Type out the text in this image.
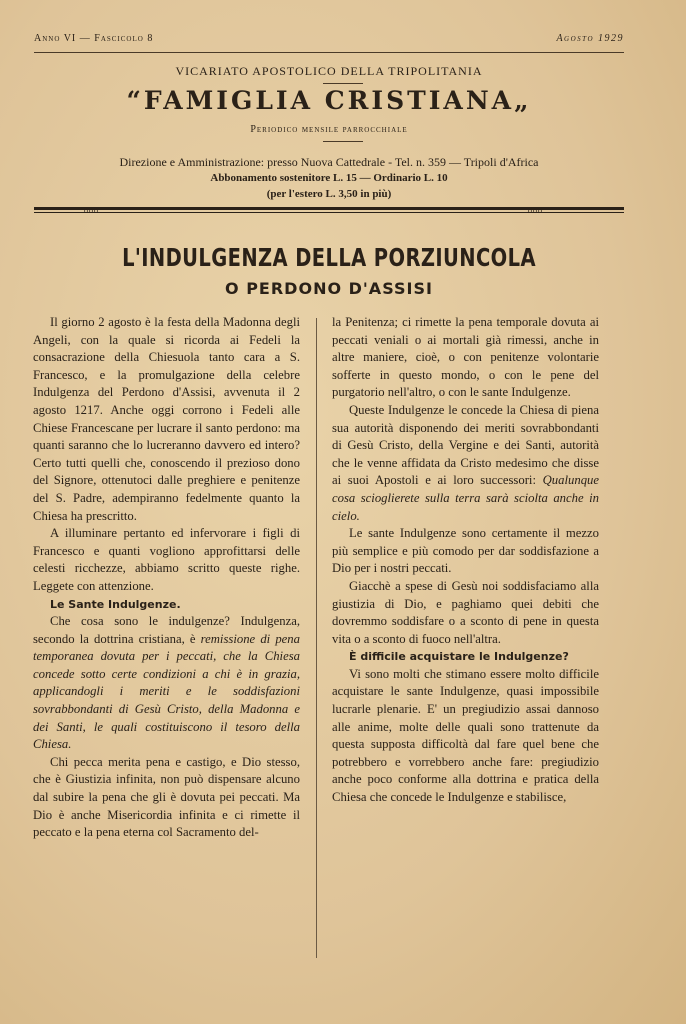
Anno VI — Fascicolo 8	Agosto 1929
VICARIATO APOSTOLICO DELLA TRIPOLITANIA
“FAMIGLIA CRISTIANA„
Periodico mensile parrocchiale
Direzione e Amministrazione: presso Nuova Cattedrale - Tel. n. 359 — Tripoli d'Africa
Abbonamento sostenitore L. 15 — Ordinario L. 10
(per l'estero L. 3,50 in più)
ooo	ooo
L'INDULGENZA DELLA PORZIUNCOLA
O PERDONO D'ASSISI

Il giorno 2 agosto è la festa della Madonna degli Angeli, con la quale si ricorda ai Fedeli la consacrazione della Chiesuola tanto cara a S. Francesco, e la promulgazione della celebre Indulgenza del Perdono d'Assisi, avvenuta il 2 agosto 1217. Anche oggi corrono i Fedeli alle Chiese Francescane per lucrare il santo perdono: ma quanti saranno che lo lucreranno davvero ed intero? Certo tutti quelli che, conoscendo il prezioso dono del Signore, ottenutoci dalle preghiere e penitenze del S. Padre, adempiranno fedelmente quanto la Chiesa ha prescritto.

A illuminare pertanto ed infervorare i figli di Francesco e quanti vogliono approfittarsi delle celesti ricchezze, abbiamo scritto queste righe. Leggete con attenzione.

Le Sante Indulgenze.

Che cosa sono le indulgenze? Indulgenza, secondo la dottrina cristiana, è remissione di pena temporanea dovuta per i peccati, che la Chiesa concede sotto certe condizioni a chi è in grazia, applicandogli i meriti e le soddisfazioni sovrabbondanti di Gesù Cristo, della Madonna e dei Santi, le quali costituiscono il tesoro della Chiesa.

Chi pecca merita pena e castigo, e Dio stesso, che è Giustizia infinita, non può dispensare alcuno dal subire la pena che gli è dovuta pei peccati. Ma Dio è anche Misericordia infinita e ci rimette il peccato e la pena eterna col Sacramento del-

la Penitenza; ci rimette la pena temporale dovuta ai peccati veniali o ai mortali già rimessi, anche in altre maniere, cioè, o con penitenze volontarie sofferte in questo mondo, o con le pene del purgatorio nell'altro, o con le sante Indulgenze.

Queste Indulgenze le concede la Chiesa di piena sua autorità disponendo dei meriti sovrabbondanti di Gesù Cristo, della Vergine e dei Santi, autorità che le venne affidata da Cristo medesimo che disse ai suoi Apostoli e ai loro successori: Qualunque cosa scioglierete sulla terra sarà sciolta anche in cielo.

Le sante Indulgenze sono certamente il mezzo più semplice e più comodo per dar soddisfazione a Dio per i nostri peccati.

Giacchè a spese di Gesù noi soddisfaciamo alla giustizia di Dio, e paghiamo quei debiti che dovremmo soddisfare o a sconto di pene in questa vita o a sconto di fuoco nell'altra.

È difficile acquistare le Indulgenze?

Vi sono molti che stimano essere molto difficile acquistare le sante Indulgenze, quasi impossibile lucrarle plenarie. E' un pregiudizio assai dannoso alle anime, molte delle quali sono trattenute da questa supposta difficoltà dal fare quel bene che potrebbero e vorrebbero anche fare: pregiudizio anche poco conforme alla dottrina e pratica della Chiesa che concede le Indulgenze e stabilisce,
